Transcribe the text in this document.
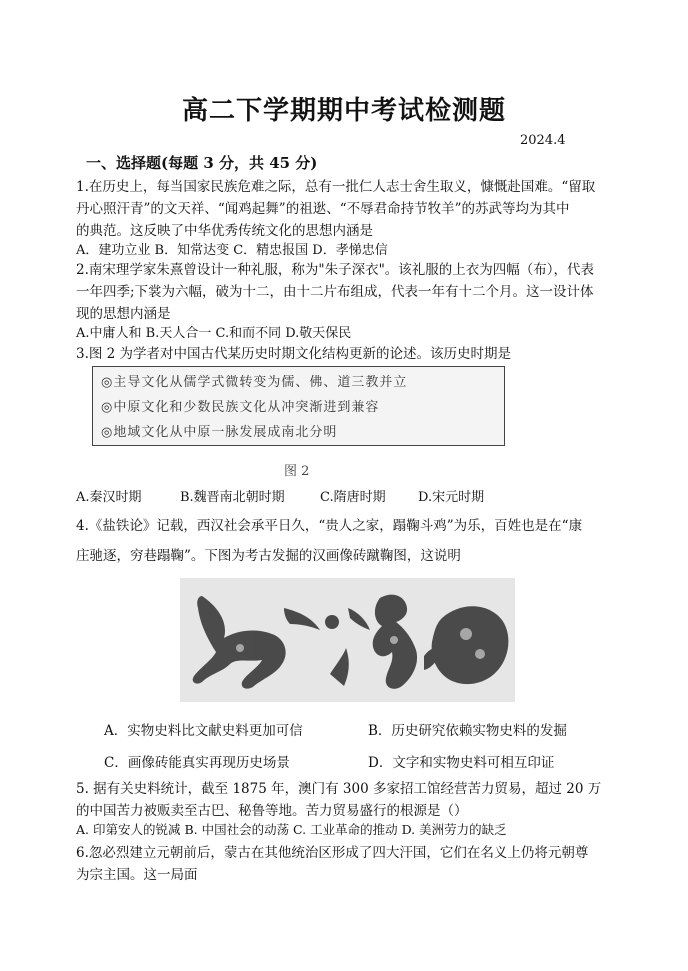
高二下学期期中考试检测题
2024.4
一、选择题(每题 3 分，共 45 分)
1.在历史上，每当国家民族危难之际，总有一批仁人志士舍生取义，慷慨赴国难。“留取
丹心照汗青”的文天祥、“闻鸡起舞”的祖逖、“不辱君命持节牧羊”的苏武等均为其中
的典范。这反映了中华优秀传统文化的思想内涵是
A．建功立业 B．知常达变 C．精忠报国 D．孝悌忠信
2.南宋理学家朱熹曾设计一种礼服，称为"朱子深衣"。该礼服的上衣为四幅（布），代表
一年四季;下裳为六幅，破为十二，由十二片布组成，代表一年有十二个月。这一设计体
现的思想内涵是
A.中庸人和 B.天人合一 C.和而不同 D.敬天保民
3.图 2 为学者对中国古代某历史时期文化结构更新的论述。该历史时期是
◎主导文化从儒学式微转变为儒、佛、道三教并立
◎中原文化和少数民族文化从冲突渐进到兼容
◎地域文化从中原一脉发展成南北分明
图 2
A.秦汉时期	B.魏晋南北朝时期	C.隋唐时期 D.宋元时期
4.《盐铁论》记载，西汉社会承平日久，“贵人之家，蹋鞠斗鸡”为乐，百姓也是在“康
庄驰逐，穷巷蹋鞠”。下图为考古发掘的汉画像砖蹴鞠图，这说明
A．实物史料比文献史料更加可信	B．历史研究依赖实物史料的发掘
C．画像砖能真实再现历史场景	D．文字和实物史料可相互印证
5. 据有关史料统计，截至 1875 年，澳门有 300 多家招工馆经营苦力贸易，超过 20 万
的中国苦力被贩卖至古巴、秘鲁等地。苦力贸易盛行的根源是（）
A. 印第安人的锐减 B. 中国社会的动荡 C. 工业革命的推动 D. 美洲劳力的缺乏
6.忽必烈建立元朝前后，蒙古在其他统治区形成了四大汗国，它们在名义上仍将元朝尊
为宗主国。这一局面
